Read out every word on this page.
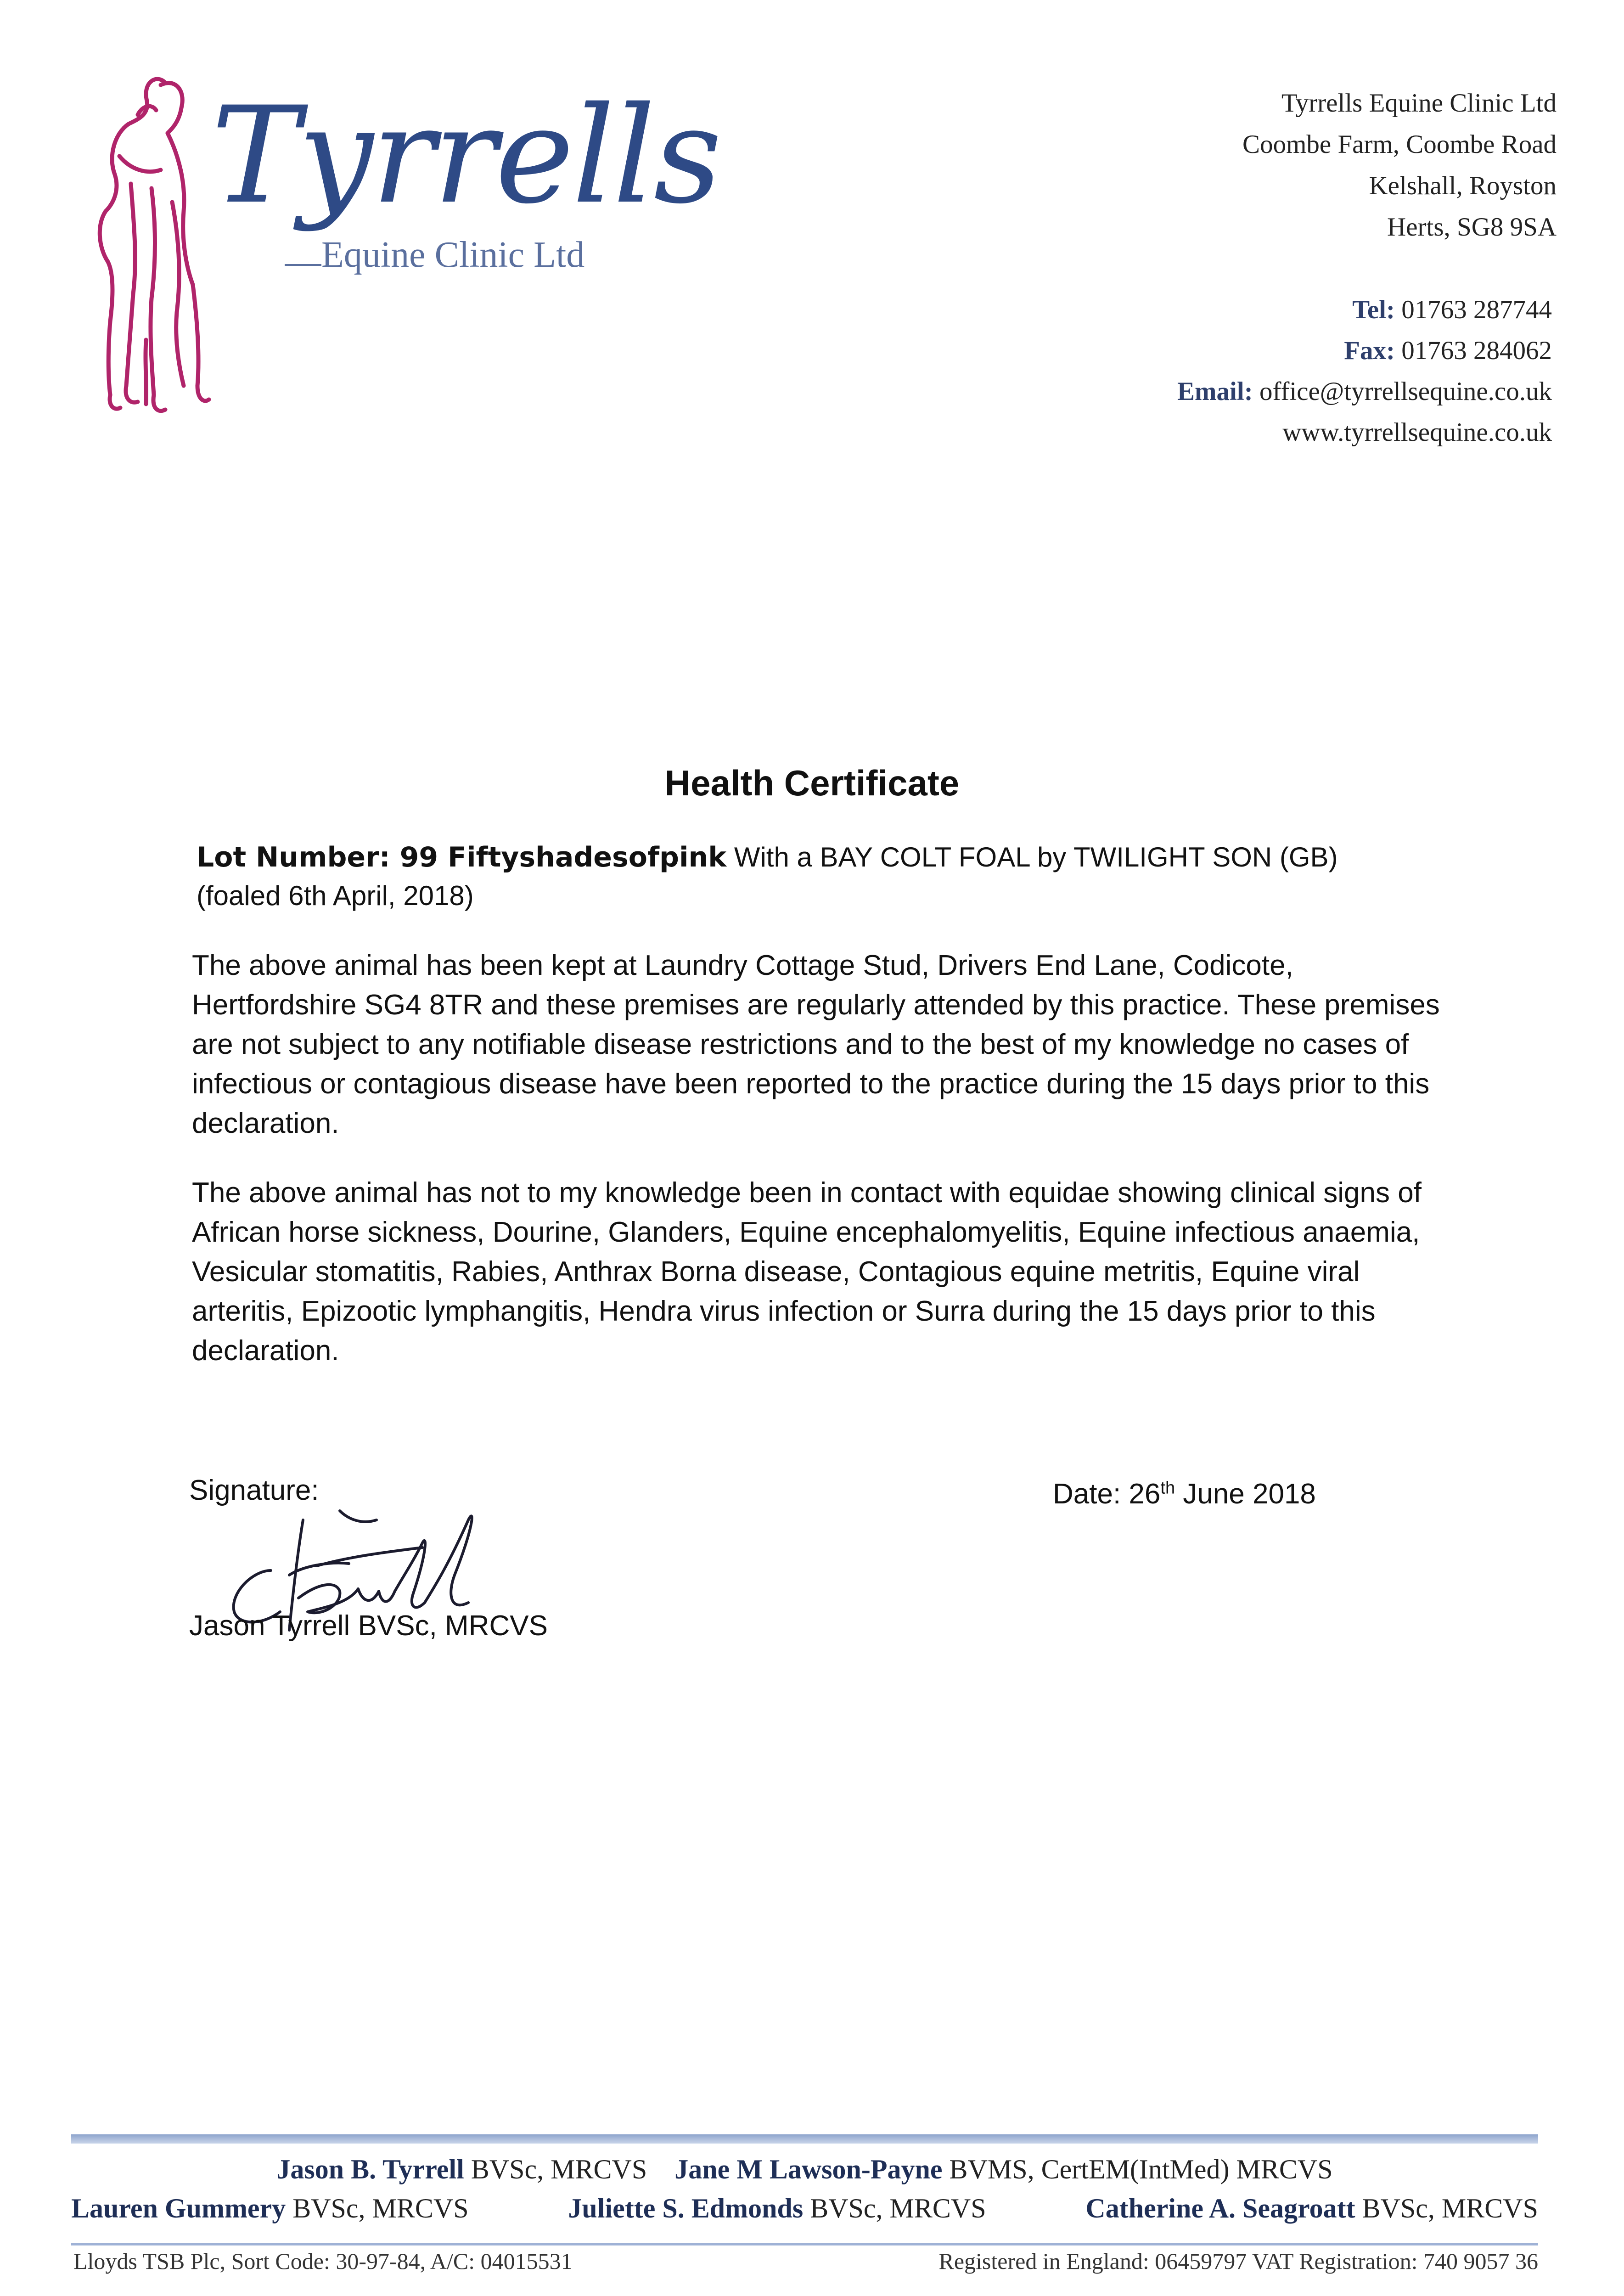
Tyrrells
Equine Clinic Ltd
Tyrrells Equine Clinic Ltd
Coombe Farm, Coombe Road
Kelshall, Royston
Herts, SG8 9SA
Tel: 01763 287744
Fax: 01763 284062
Email: office@tyrrellsequine.co.uk
www.tyrrellsequine.co.uk
Health Certificate
Lot Number: 99 Fiftyshadesofpink With a BAY COLT FOAL by TWILIGHT SON (GB)
(foaled 6th April, 2018)
The above animal has been kept at Laundry Cottage Stud, Drivers End Lane, Codicote, Hertfordshire SG4 8TR and these premises are regularly attended by this practice. These premises are not subject to any notifiable disease restrictions and to the best of my knowledge no cases of infectious or contagious disease have been reported to the practice during the 15 days prior to this declaration.
The above animal has not to my knowledge been in contact with equidae showing clinical signs of African horse sickness, Dourine, Glanders, Equine encephalomyelitis, Equine infectious anaemia, Vesicular stomatitis, Rabies, Anthrax Borna disease, Contagious equine metritis, Equine viral arteritis, Epizootic lymphangitis, Hendra virus infection or Surra during the 15 days prior to this declaration.
Signature:
Jason Tyrrell BVSc, MRCVS
Date: 26th June 2018
Jason B. Tyrrell BVSc, MRCVS Jane M Lawson-Payne BVMS, CertEM(IntMed) MRCVS
Lauren Gummery BVSc, MRCVS	Juliette S. Edmonds BVSc, MRCVS	Catherine A. Seagroatt BVSc, MRCVS
Lloyds TSB Plc, Sort Code: 30-97-84, A/C: 04015531	Registered in England: 06459797 VAT Registration: 740 9057 36
